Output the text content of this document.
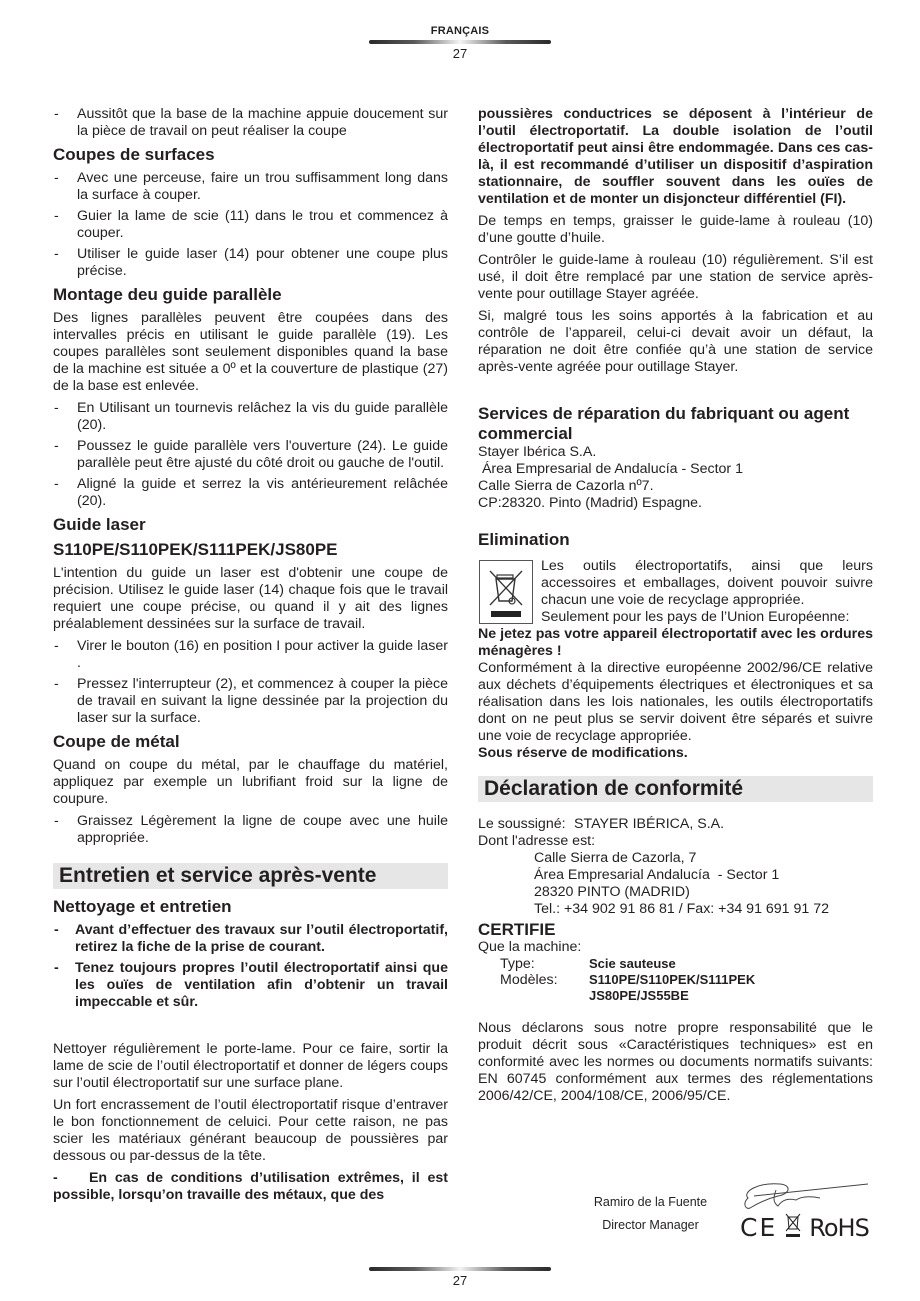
FRANÇAIS
27
-	Aussitôt que la base de la machine appuie doucement sur la pièce de travail on peut réaliser la coupe
Coupes de surfaces
-	Avec une perceuse, faire un trou suffisamment long dans la surface à couper.
-	Guier la lame de scie (11) dans le trou et commencez à couper.
-	Utiliser le guide laser (14) pour obtener une coupe plus précise.
Montage deu guide parallèle
Des lignes parallèles peuvent être coupées dans des intervalles précis en utilisant le guide parallèle (19). Les coupes parallèles sont seulement disponibles quand la base de la machine est située a 0º et la couverture de plastique (27) de la base est enlevée.
-	En Utilisant un tournevis relâchez la vis du guide parallèle (20).
-	Poussez le guide parallèle vers l'ouverture (24). Le guide parallèle peut être ajusté du côté droit ou gauche de l'outil.
-	Aligné la guide et serrez la vis antérieurement relâchée (20).
Guide laser
S110PE/S110PEK/S111PEK/JS80PE
L'intention du guide un laser est d'obtenir une coupe de précision. Utilisez le guide laser (14) chaque fois que le travail requiert une coupe précise, ou quand il y ait des lignes préalablement dessinées sur la surface de travail.
-	Virer le bouton (16) en position I pour activer la guide laser .
-	Pressez l'interrupteur (2), et commencez à couper la pièce de travail en suivant la ligne dessinée par la projection du laser sur la surface.
Coupe de métal
Quand on coupe du métal, par le chauffage du matériel, appliquez par exemple un lubrifiant froid sur la ligne de coupure.
-	Graissez Légèrement la ligne de coupe avec une huile appropriée.
Entretien et service après-vente
Nettoyage et entretien
-	Avant d’effectuer des travaux sur l’outil électroportatif, retirez la fiche de la prise de courant.
-	Tenez toujours propres l’outil électroportatif ainsi que les ouïes de ventilation afin d’obtenir un travail impeccable et sûr.
Nettoyer régulièrement le porte-lame. Pour ce faire, sortir la lame de scie de l’outil électroportatif et donner de légers coups sur l’outil électroportatif sur une surface plane.
Un fort encrassement de l’outil électroportatif risque d’entraver le bon fonctionnement de celuici. Pour cette raison, ne pas scier les matériaux générant beaucoup de poussières par dessous ou par-dessus de la tête.
-    En cas de conditions d’utilisation extrêmes, il est possible, lorsqu’on travaille des métaux, que des
poussières conductrices se déposent à l’intérieur de l’outil électroportatif. La double isolation de l’outil électroportatif peut ainsi être endommagée. Dans ces cas-là, il est recommandé d’utiliser un dispositif d’aspiration stationnaire, de souffler souvent dans les ouïes de ventilation et de monter un disjoncteur différentiel (FI).
De temps en temps, graisser le guide-lame à rouleau (10) d’une goutte d’huile.
Contrôler le guide-lame à rouleau (10) régulièrement. S’il est usé, il doit être remplacé par une station de service après-vente pour outillage Stayer agréée.
Si, malgré tous les soins apportés à la fabrication et au contrôle de l’appareil, celui-ci devait avoir un défaut, la réparation ne doit être confiée qu’à une station de service après-vente agréée pour outillage Stayer.
Services de réparation du fabriquant ou agent commercial
Stayer Ibérica S.A.
Área Empresarial de Andalucía - Sector 1
Calle Sierra de Cazorla nº7.
CP:28320. Pinto (Madrid) Espagne.
Elimination
Les outils électroportatifs, ainsi que leurs accessoires et emballages, doivent pouvoir suivre chacun une voie de recyclage appropriée.
Seulement pour les pays de l’Union Européenne:
Ne jetez pas votre appareil électroportatif avec les ordures ménagères !
Conformément à la directive européenne 2002/96/CE relative aux déchets d’équipements électriques et électroniques et sa réalisation dans les lois nationales, les outils électroportatifs dont on ne peut plus se servir doivent être séparés et suivre une voie de recyclage appropriée.
Sous réserve de modifications.
Déclaration de conformité
Le soussigné: STAYER IBÉRICA, S.A.
Dont l'adresse est:
Calle Sierra de Cazorla, 7
Área Empresarial Andalucía  - Sector 1
28320 PINTO (MADRID)
Tel.: +34 902 91 86 81 / Fax: +34 91 691 91 72
CERTIFIE
Que la machine:
Type:	Scie sauteuse
Modèles:	S110PE/S110PEK/S111PEK
JS80PE/JS55BE
Nous déclarons sous notre propre responsabilité que le produit décrit sous «Caractéristiques techniques» est en conformité avec les normes ou documents normatifs suivants: EN 60745 conformément aux termes des réglementations 2006/42/CE, 2004/108/CE, 2006/95/CE.
Ramiro de la Fuente
Director Manager	CE RoHS
27
